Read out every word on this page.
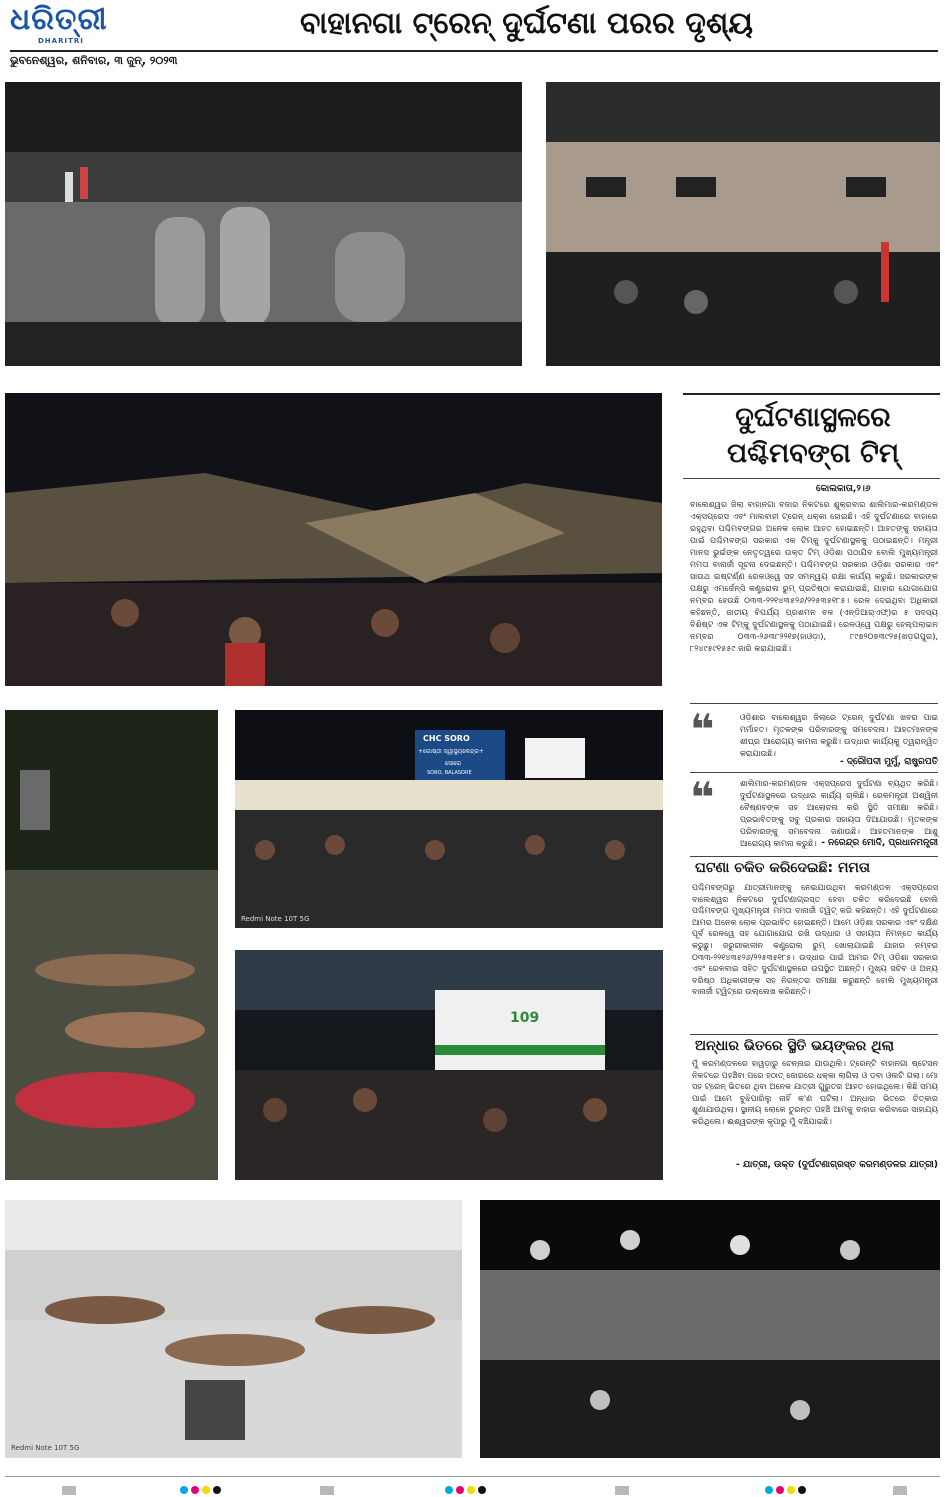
ଧରିତ୍ରୀ
DHARITRI	ବାହାନଗା ଟ୍ରେନ୍ ଦୁର୍ଘଟଣା ପରର ଦୃଶ୍ୟ
ଭୁବନେଶ୍ୱର, ଶନିବାର, ୩ ଜୁନ୍, ୨୦୨୩
CHC SORO
+ଗୋଷ୍ଠୀ ସ୍ୱାସ୍ଥ୍ୟକେନ୍ଦ୍ର+
ସୋରୋ
SORO, BALASORE
Redmi Note 10T 5G
109
Redmi Note 10T 5G
ଦୁର୍ଘଟଣାସ୍ଥଳରେ ପଶ୍ଚିମବଙ୍ଗ ଟିମ୍
କୋଲକାତା,୨।୬
ବାଲେଶ୍ୱର ଜିଲା ବାହାନଗା ବଜାର ନିକଟରେ ଶୁକ୍ରବାର ଶାଲିମାର-କରମଣ୍ଡଳ ଏକ୍ସପ୍ରେସ ଏବଂ ମାଲବାହୀ ଟ୍ରେନ୍ ଧକ୍କା ହୋଇଛି। ଏହି ଦୁର୍ଘଟଣାରେ ବାହାରେ ରହୁଥିବା ପଶ୍ଚିମବଙ୍ଗର ଅନେକ ଲୋକ ଆହତ ହୋଇଛନ୍ତି। ଆହତଙ୍କୁ ସହାୟତା ପାଇଁ ପଶ୍ଚିମବଙ୍ଗ ସରକାର ଏକ ଟିମ୍‌କୁ ଦୁର୍ଘଟଣାସ୍ଥଳକୁ ପଠାଇଛନ୍ତି। ମନ୍ତ୍ରୀ ମାନସ ଭୁଇଁଙ୍କ ନେତୃତ୍ୱରେ ଉକ୍ତ ଟିମ୍ ଓଡ଼ିଶା ପଠାଯିବ ବୋଲି ମୁଖ୍ୟମନ୍ତ୍ରୀ ମମତା ବାନାର୍ଜୀ ସୂଚନା ଦେଇଛନ୍ତି। ପଶ୍ଚିମବଙ୍ଗ ସରକାର ଓଡ଼ିଶା ସରକାର ଏବଂ ସାଉଥ ଇଷ୍ଟର୍ଣ୍ଣ ରେଳଓ୍ୱେ ସହ ସମନ୍ୱୟ ରକ୍ଷା କାର୍ଯ୍ୟ କରୁଛି। ସରକାରଙ୍କ ପକ୍ଷରୁ ଏମର୍ଜେନ୍ସି କଣ୍ଟ୍ରୋଲ ରୁମ୍ ପ୍ରତିଷ୍ଠା କରାଯାଇଛି, ଯାହାର ଯୋଗାଯୋଗ ନମ୍ବର ହେଉଛି ୦୩୩-୨୨୧୪୩୫୨୬/୨୨୫୩୫୧୮୫। ରେଳ ଦେଇଥିବା ଅଧିକାରୀ କହିଛନ୍ତି, ଜାତୀୟ ବିପର୍ଯ୍ୟ ପ୍ରଶମନ ବଳ (ଏନ୍‌ଡିଆର୍‌ଏଫ୍)ର ୫ ସଦସ୍ୟ ବିଶିଷ୍ଟ ଏକ ଟିମ୍‌କୁ ଦୁର୍ଘଟଣାସ୍ଥଳକୁ ପଠାଯାଇଛି। ରେଳଓ୍ୱେ ପକ୍ଷରୁ ହେଲ୍ପଲାଇନ ନମ୍ବର ୦୩୩-୨୬୩୮୨୨୧୭(ହାଓଡ଼ା), ୮୯୭୨୦୭୩୯୨୫(ଖଡ଼ଗପୁର), ୮୨୪୯୫୯୧୫୫୯ ଜାରି କରାଯାଇଛି।
❝	ଓଡ଼ିଶାର ବାଲେଶ୍ୱର ଜିଲାରେ ଟ୍ରେନ୍ ଦୁର୍ଘଟଣା ଖବର ପାଇ ମର୍ମାହତ। ମୃତକଙ୍କ ପରିବାରଙ୍କୁ ସମବେଦନା। ଆହତମାନଙ୍କ ଶୀଘ୍ର ଆରୋଗ୍ୟ କାମନା କରୁଛି। ଉଦ୍ଧାର କାର୍ଯ୍ୟକୁ ତ୍ୱରାନ୍ୱିତ କରାଯାଉଛି।
- ଦ୍ରୌପଦୀ ମୁର୍ମୁ, ରାଷ୍ଟ୍ରପତି
❝	ଶାଲିମାର-କରମଣ୍ଡଳ ଏକ୍ସପ୍ରେସ ଦୁର୍ଘଟଣା ବ୍ୟଥିତ କରିଛି। ଦୁର୍ଘଟଣାସ୍ଥଳରେ ଉଦ୍ଧାର କାର୍ଯ୍ୟ ଚାଲିଛି। ରେଳମନ୍ତ୍ରୀ ଅଶ୍ୱିନୀ ବୈଷ୍ଣବଙ୍କ ସହ ଆଲୋଚନା କରି ସ୍ଥିତି ସମୀକ୍ଷା କରିଛି। ପ୍ରଭାବିତଙ୍କୁ ସବୁ ପ୍ରକାର ସହାୟତା ଦିଆଯାଉଛି। ମୃତକଙ୍କ ପରିବାରଙ୍କୁ ସମବେଦନା ଜଣାଉଛି। ଆହତମାନଙ୍କ ଆଶୁ ଆରୋଗ୍ୟ କାମନା କରୁଛି। - ନରେନ୍ଦ୍ର ମୋଦି, ପ୍ରଧାନମନ୍ତ୍ରୀ
ଘଟଣା ଚକିତ କରିଦେଇଛି: ମମତା
ପଶ୍ଚିମବଙ୍ଗରୁ ଯାତ୍ରୀମାନଙ୍କୁ ନେଇଯାଉଥିବା କରମଣ୍ଡଳ ଏକ୍ସପ୍ରେସ ବାଲେଶ୍ୱର ନିକଟରେ ଦୁର୍ଘଟଣାଗ୍ରସ୍ତ ହେବା ଚକିତ କରିଦେଇଛି ବୋଲି ପଶ୍ଚିମବଙ୍ଗ ମୁଖ୍ୟମନ୍ତ୍ରୀ ମମତା ବାନାର୍ଜୀ ଟ୍ୱିଟ୍ କରି କହିଛନ୍ତି। ଏହି ଦୁର୍ଘଟଣାରେ ଆମର ଅନେକ ଲୋକ ପ୍ରଭାବିତ ହୋଇଛନ୍ତି। ଆମେ ଓଡ଼ିଶା ସରକାର ଏବଂ ଦକ୍ଷିଣ ପୂର୍ବ ରେଳୱେ ସହ ଯୋଗାଯୋଗ ରଖି ଉଦ୍ଧାର ଓ ସହାୟତା ନିମନ୍ତେ କାର୍ଯ୍ୟ କରୁଛୁ। ଜରୁରୀକାଳୀନ କଣ୍ଟ୍ରୋଲ ରୁମ୍ ଖୋଲାଯାଇଛି ଯାହାର ନମ୍ବର ୦୩୩-୨୨୧୪୩୫୨୬/୨୨୫୩୫୧୮୫। ଉଦ୍ଧାର ପାଇଁ ଆମର ଟିମ୍ ଓଡ଼ିଶା ସରକାର ଏବଂ ରେଳବାଇ ସହିତ ଦୁର୍ଘଟଣାସ୍ଥଳରେ ଉପସ୍ଥିତ ଅଛନ୍ତି। ମୁଖ୍ୟ ସଚିବ ଓ ଅନ୍ୟ ବରିଷ୍ଠ ଅଧିକାରୀଙ୍କ ସହ ନିରନ୍ତର ସମୀକ୍ଷା କରୁଛନ୍ତି ବୋଲି ମୁଖ୍ୟମନ୍ତ୍ରୀ ବାନାର୍ଜୀ ଟ୍ୱିଟ୍‌ରେ ଉଲ୍ଲେଖ କରିଛନ୍ତି।
ଅନ୍ଧାର ଭିତରେ ସ୍ଥିତି ଭୟଙ୍କର ଥିଲା
ମୁଁ କରମଣ୍ଡଳରେ ହାୱଡ଼ାରୁ ଚେନ୍ନାଇ ଯାଉଥିଲି। ଟ୍ରେନ୍ଟି ବାହାନଗା ଷ୍ଟେସନ ନିକଟରେ ପହଞ୍ଚିବା ପରେ ହଠାତ୍ ଜୋରରେ ଧକ୍କା ଲାଗିଲା ଓ ଡବା ଓଲଟି ଗଲା। ମୋ ସହ ଟ୍ରେନ୍ ଭିତରେ ଥିବା ଅନେକ ଯାତ୍ରୀ ଗୁରୁତର ଆହତ ହୋଇଥିଲେ। କିଛି ସମୟ ପାଇଁ ଆମେ ବୁଝିପାରିଲୁ ନାହିଁ କ'ଣ ଘଟିଲା। ଅନ୍ଧାର ଭିତରେ ଚିତ୍କାର ଶୁଣାଯାଉଥିଲା। ସ୍ଥାନୀୟ ଲୋକେ ତୁରନ୍ତ ପହଞ୍ଚି ଆମକୁ ବାହାର କରିବାରେ ସାହାଯ୍ୟ କରିଥିଲେ। ଈଶ୍ୱରଙ୍କ କୃପାରୁ ମୁଁ ବଞ୍ଚିଯାଇଛି।
- ଯାତ୍ରୀ, ଉକ୍ତ (ଦୁର୍ଘଟଣାଗ୍ରସ୍ତ କରମଣ୍ଡଳର ଯାତ୍ରୀ)
